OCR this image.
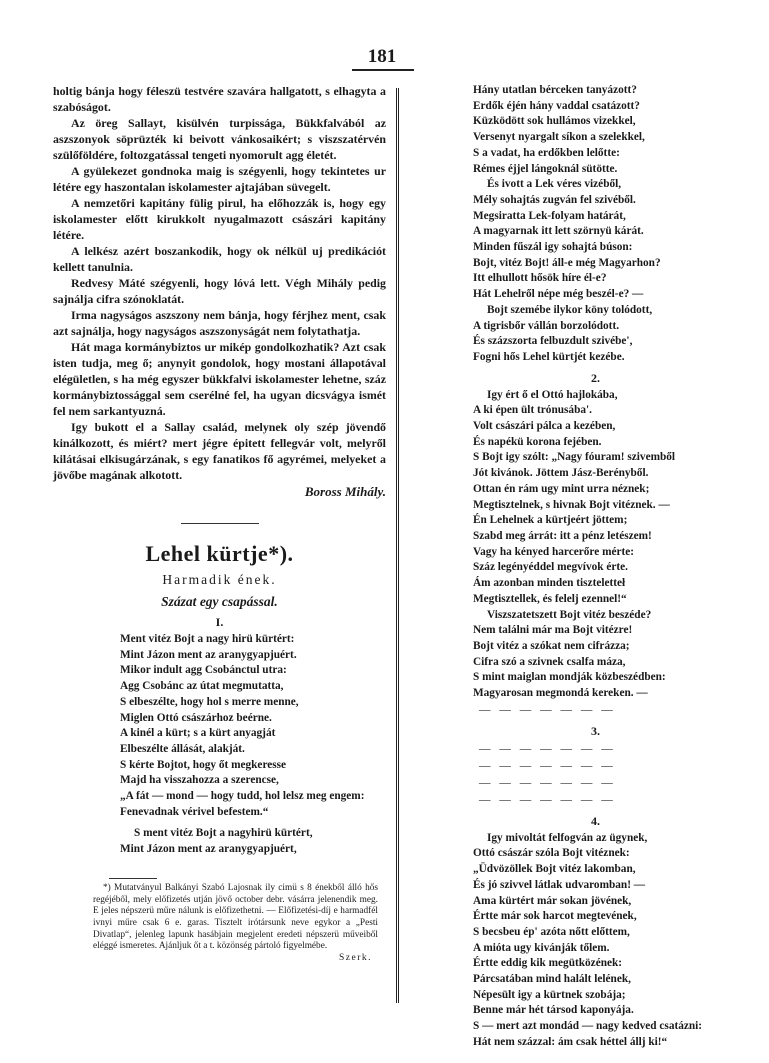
181

holtig bánja hogy féleszü testvére szavára hallgatott, s elhagyta a szabóságot.

Az öreg Sallayt, kisülvén turpissága, Bükkfalvából az aszszonyok söprüzték ki beivott vánkosaikért; s viszszatérvén szülőföldére, foltozgatással tengeti nyomorult agg életét.

A gyülekezet gondnoka maig is szégyenli, hogy tekintetes ur létére egy haszontalan iskolamester ajtajában süvegelt.

A nemzetőri kapitány fülig pirul, ha előhozzák is, hogy egy iskolamester előtt kirukkolt nyugalmazott császári kapitány létére.

A lelkész azért boszankodik, hogy ok nélkül uj predikációt kellett tanulnia.

Redvesy Máté szégyenli, hogy lóvá lett. Végh Mihály pedig sajnálja cifra szónoklatát.

Irma nagyságos aszszony nem bánja, hogy férjhez ment, csak azt sajnálja, hogy nagyságos aszszonyságát nem folytathatja.

Hát maga kormánybiztos ur mikép gondolkozhatik? Azt csak isten tudja, meg ő; anynyit gondolok, hogy mostani állapotával elégületlen, s ha még egyszer bükkfalvi iskolamester lehetne, száz kormánybiztossággal sem cserélné fel, ha ugyan dicsvágya ismét fel nem sarkantyuzná.

Igy bukott el a Sallay család, melynek oly szép jövendő kinálkozott, és miért? mert jégre épitett fellegvár volt, melyről kilátásai elkisugárzának, s egy fanatikos fő agyrémei, melyeket a jövőbe magának alkotott.

Boross Mihály.
Lehel kürtje*).
Harmadik ének.
Százat egy csapással.
I.
Ment vitéz Bojt a nagy hirü kürtért:
Mint Jázon ment az aranygyapjuért.
Mikor indult agg Csobánctul utra:
Agg Csobánc az útat megmutatta,
S elbeszélte, hogy hol s merre menne,
Miglen Ottó császárhoz beérne.
A kinél a kürt; s a kürt anyagját
Elbeszélte állását, alakját.
S kérte Bojtot, hogy őt megkeresse
Majd ha visszahozza a szerencse,
„A fát — mond — hogy tudd, hol lelsz meg engem:
Fenevadnak vérivel befestem.“
S ment vitéz Bojt a nagyhirü kürtért,
Mint Jázon ment az aranygyapjuért,

*) Mutatványul Balkányi Szabó Lajosnak ily cimü s 8 énekből álló hős regéjéből, mely előfizetés utján jövő october debr. vásárra jelenendik meg. E jeles népszerü műre nálunk is előfizethetni. — Előfizetési-díj e harmadfél ivnyi műre csak 6 e. garas. Tisztelt irótársunk neve egykor a „Pesti Divatlap“, jelenleg lapunk hasábjain megjelent eredeti népszerü műveiből eléggé ismeretes. Ajánljuk őt a t. közönség pártoló figyelmébe.

Szerk.
Hány utatlan bérceken tanyázott?
Erdők éjén hány vaddal csatázott?
Küzködött sok hullámos vizekkel,
Versenyt nyargalt síkon a szelekkel,
S a vadat, ha erdőkben lelőtte:
Rémes éjjel lángoknál sütötte.
És ivott a Lek véres vizéből,
Mély sohajtás zugván fel szivéből.
Megsiratta Lek-folyam határát,
A magyarnak itt lett szörnyü kárát.
Minden fűszál igy sohajtá búson:
Bojt, vitéz Bojt! áll-e még Magyarhon?
Itt elhullott hősök híre él-e?
Hát Lehelről népe még beszél-e? —
Bojt szemébe ilykor köny tolódott,
A tigrisbőr vállán borzolódott.
És százszorta felbuzdult szivébe',
Fogni hős Lehel kürtjét kezébe.
2.
Igy ért ő el Ottó hajlokába,
A ki épen ült trónusába'.
Volt császári pálca a kezében,
És napékü korona fejében.
S Bojt igy szólt: „Nagy fóuram! szivemből
Jót kivánok. Jöttem Jász-Berényből.
Ottan én rám ugy mint urra néznek;
Megtisztelnek, s hivnak Bojt vitéznek. —
Én Lehelnek a kürtjeért jöttem;
Szabd meg árrát: itt a pénz letészem!
Vagy ha kényed harcerőre mérte:
Száz legényéddel megvívok érte.
Ám azonban minden tiszteletteł
Megtisztellek, és felelj ezennel!“
Viszszatetszett Bojt vitéz beszéde?
Nem találni már ma Bojt vitézre!
Bojt vitéz a szókat nem cifrázza;
Cifra szó a szivnek csalfa máza,
S mint maiglan mondják közbeszédben:
Magyarosan megmondá kereken. —
— — — — — — —
3.
— — — — — — —
— — — — — — —
— — — — — — —
— — — — — — —
4.
Igy mivoltát felfogván az ügynek,
Ottó császár szóla Bojt vitéznek:
„Üdvözöllek Bojt vitéz lakomban,
És jó szivvel látlak udvaromban! —
Ama kürtért már sokan jövének,
Értte már sok harcot megtevének,
S becsbeu ép' azóta nőtt előttem,
A mióta ugy kivánják tőlem.
Értte eddig kik megütközének:
Párcsatában mind halált lelének,
Népesült igy a kürtnek szobája;
Benne már hét társod kaponyája.
S — mert azt mondád — nagy kedved csatázni:
Hát nem százzal: ám csak héttel állj ki!“
